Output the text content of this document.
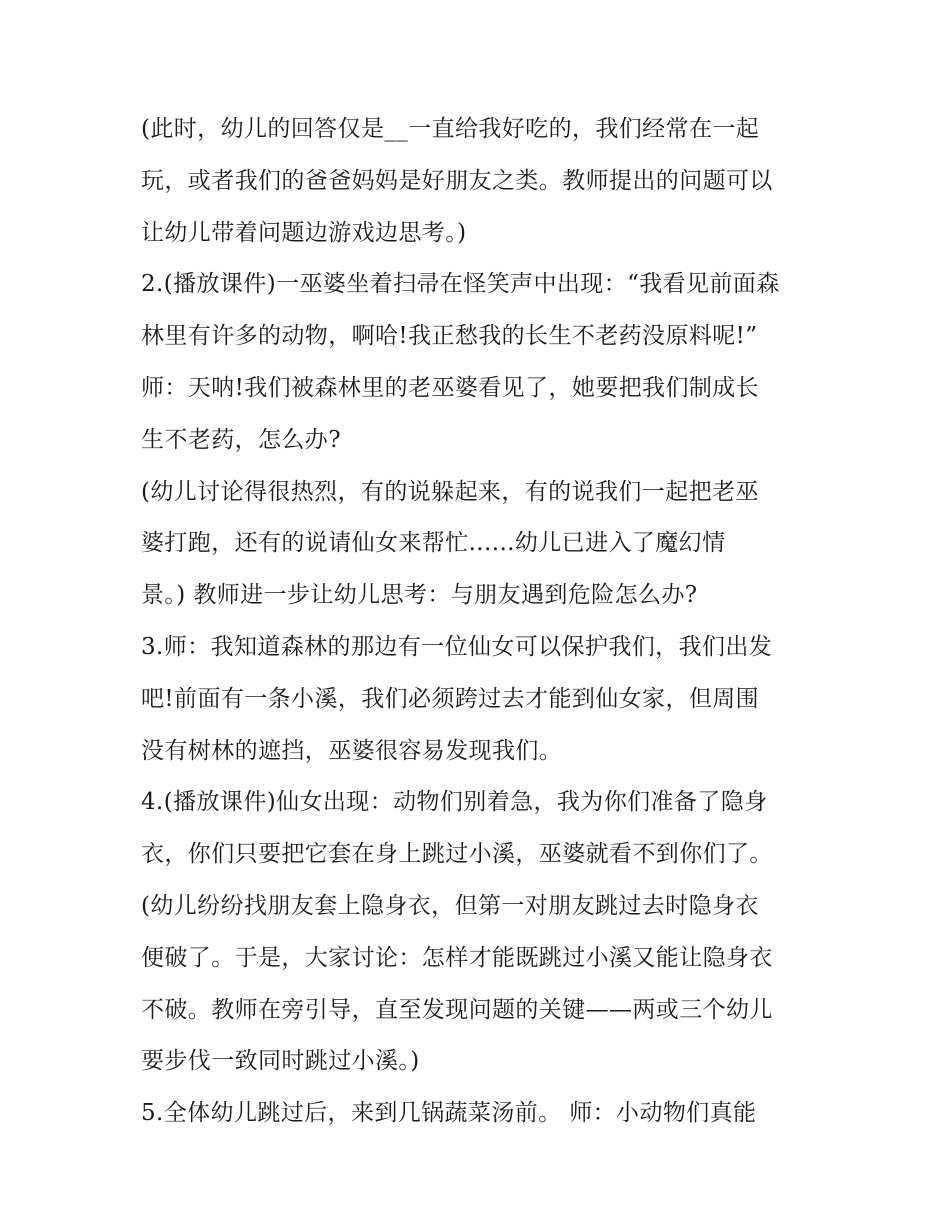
(此时，幼儿的回答仅是__一直给我好吃的，我们经常在一起
玩，或者我们的爸爸妈妈是好朋友之类。教师提出的问题可以
让幼儿带着问题边游戏边思考。)
2.(播放课件)一巫婆坐着扫帚在怪笑声中出现：“我看见前面森
林里有许多的动物，啊哈!我正愁我的长生不老药没原料呢!”
师：天呐!我们被森林里的老巫婆看见了，她要把我们制成长
生不老药，怎么办?
(幼儿讨论得很热烈，有的说躲起来，有的说我们一起把老巫
婆打跑，还有的说请仙女来帮忙......幼儿已进入了魔幻情
景。) 教师进一步让幼儿思考：与朋友遇到危险怎么办?
3.师：我知道森林的那边有一位仙女可以保护我们，我们出发
吧!前面有一条小溪，我们必须跨过去才能到仙女家，但周围
没有树林的遮挡，巫婆很容易发现我们。
4.(播放课件)仙女出现：动物们别着急，我为你们准备了隐身
衣，你们只要把它套在身上跳过小溪，巫婆就看不到你们了。
(幼儿纷纷找朋友套上隐身衣，但第一对朋友跳过去时隐身衣
便破了。于是，大家讨论：怎样才能既跳过小溪又能让隐身衣
不破。教师在旁引导，直至发现问题的关键——两或三个幼儿
要步伐一致同时跳过小溪。)
5.全体幼儿跳过后，来到几锅蔬菜汤前。 师：小动物们真能
